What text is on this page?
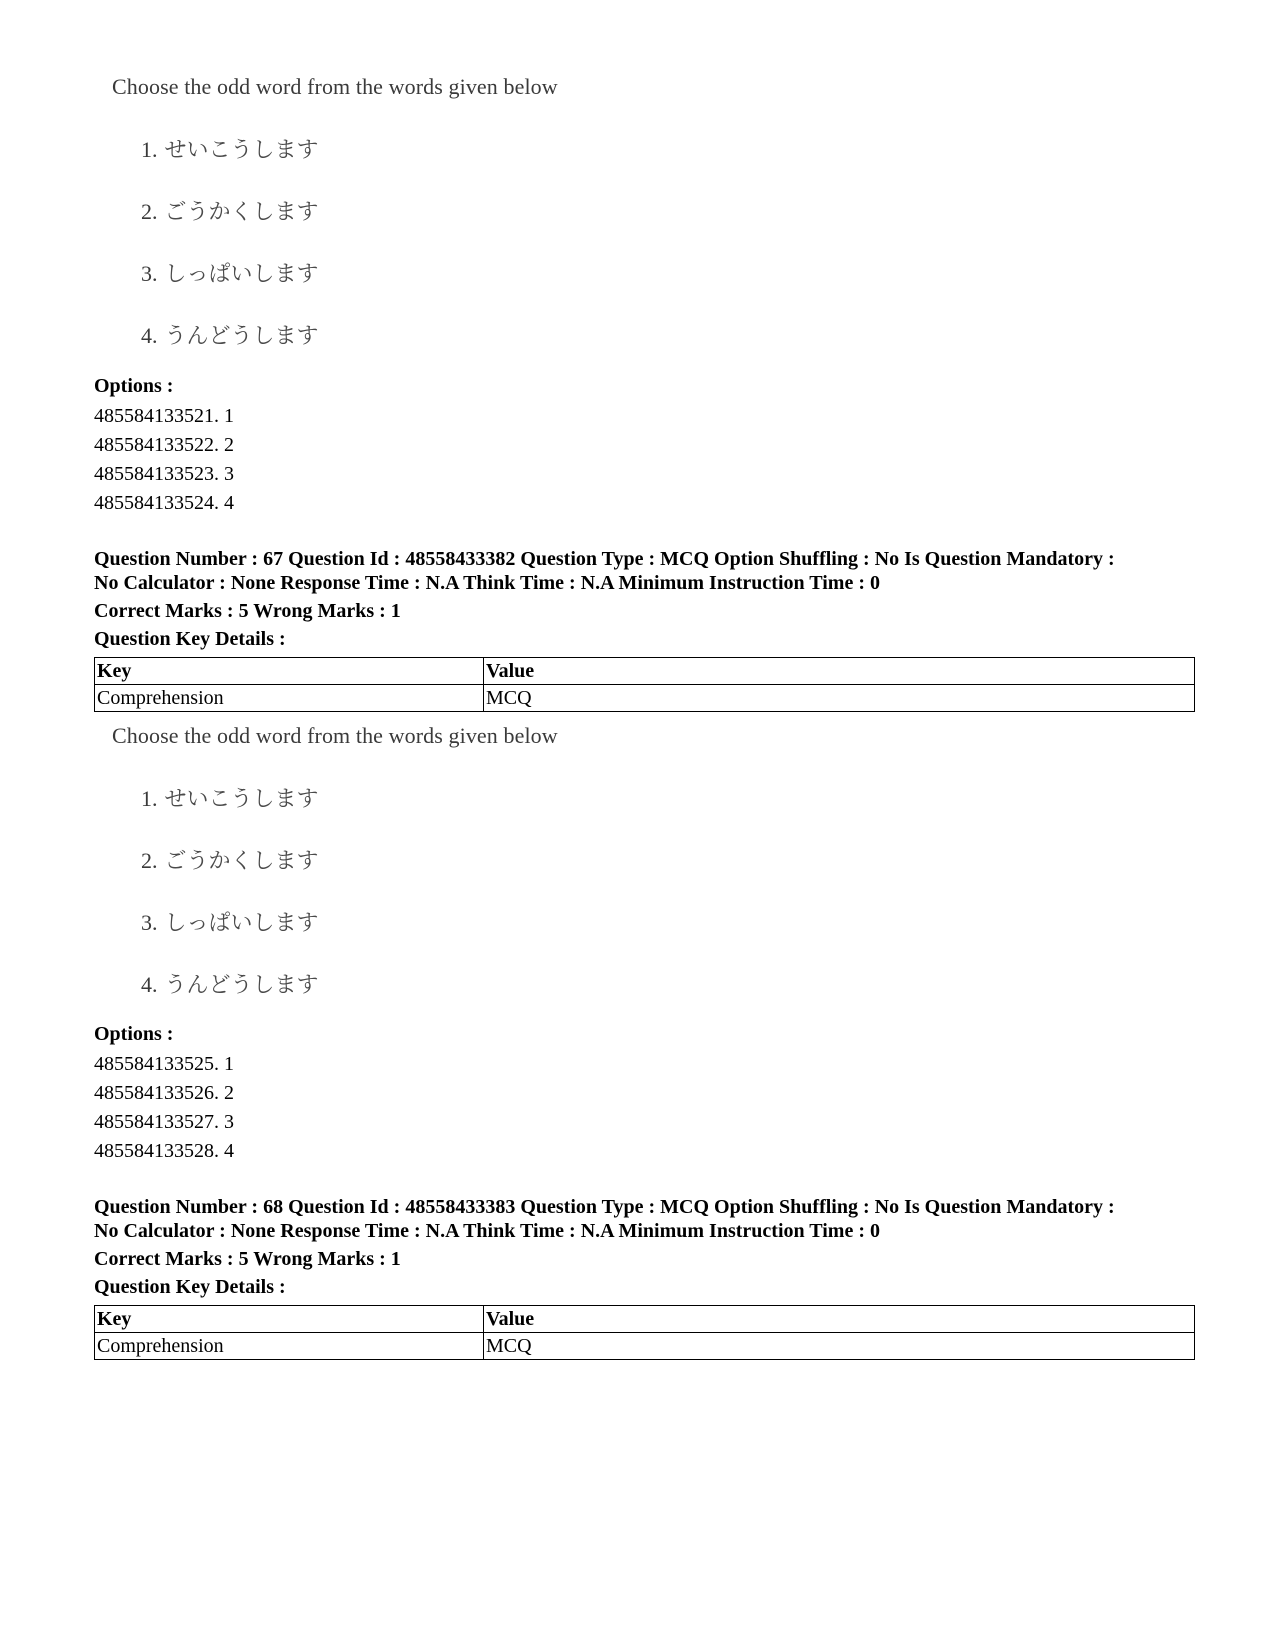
Choose the odd word from the words given below
1. せいこうします
2. ごうかくします
3. しっぱいします
4. うんどうします
Options :
485584133521. 1
485584133522. 2
485584133523. 3
485584133524. 4
Question Number : 67 Question Id : 48558433382 Question Type : MCQ Option Shuffling : No Is Question Mandatory :
No Calculator : None Response Time : N.A Think Time : N.A Minimum Instruction Time : 0
Correct Marks : 5 Wrong Marks : 1
Question Key Details :
Key	Value
Comprehension	MCQ
Choose the odd word from the words given below
1. せいこうします
2. ごうかくします
3. しっぱいします
4. うんどうします
Options :
485584133525. 1
485584133526. 2
485584133527. 3
485584133528. 4
Question Number : 68 Question Id : 48558433383 Question Type : MCQ Option Shuffling : No Is Question Mandatory :
No Calculator : None Response Time : N.A Think Time : N.A Minimum Instruction Time : 0
Correct Marks : 5 Wrong Marks : 1
Question Key Details :
Key	Value
Comprehension	MCQ
